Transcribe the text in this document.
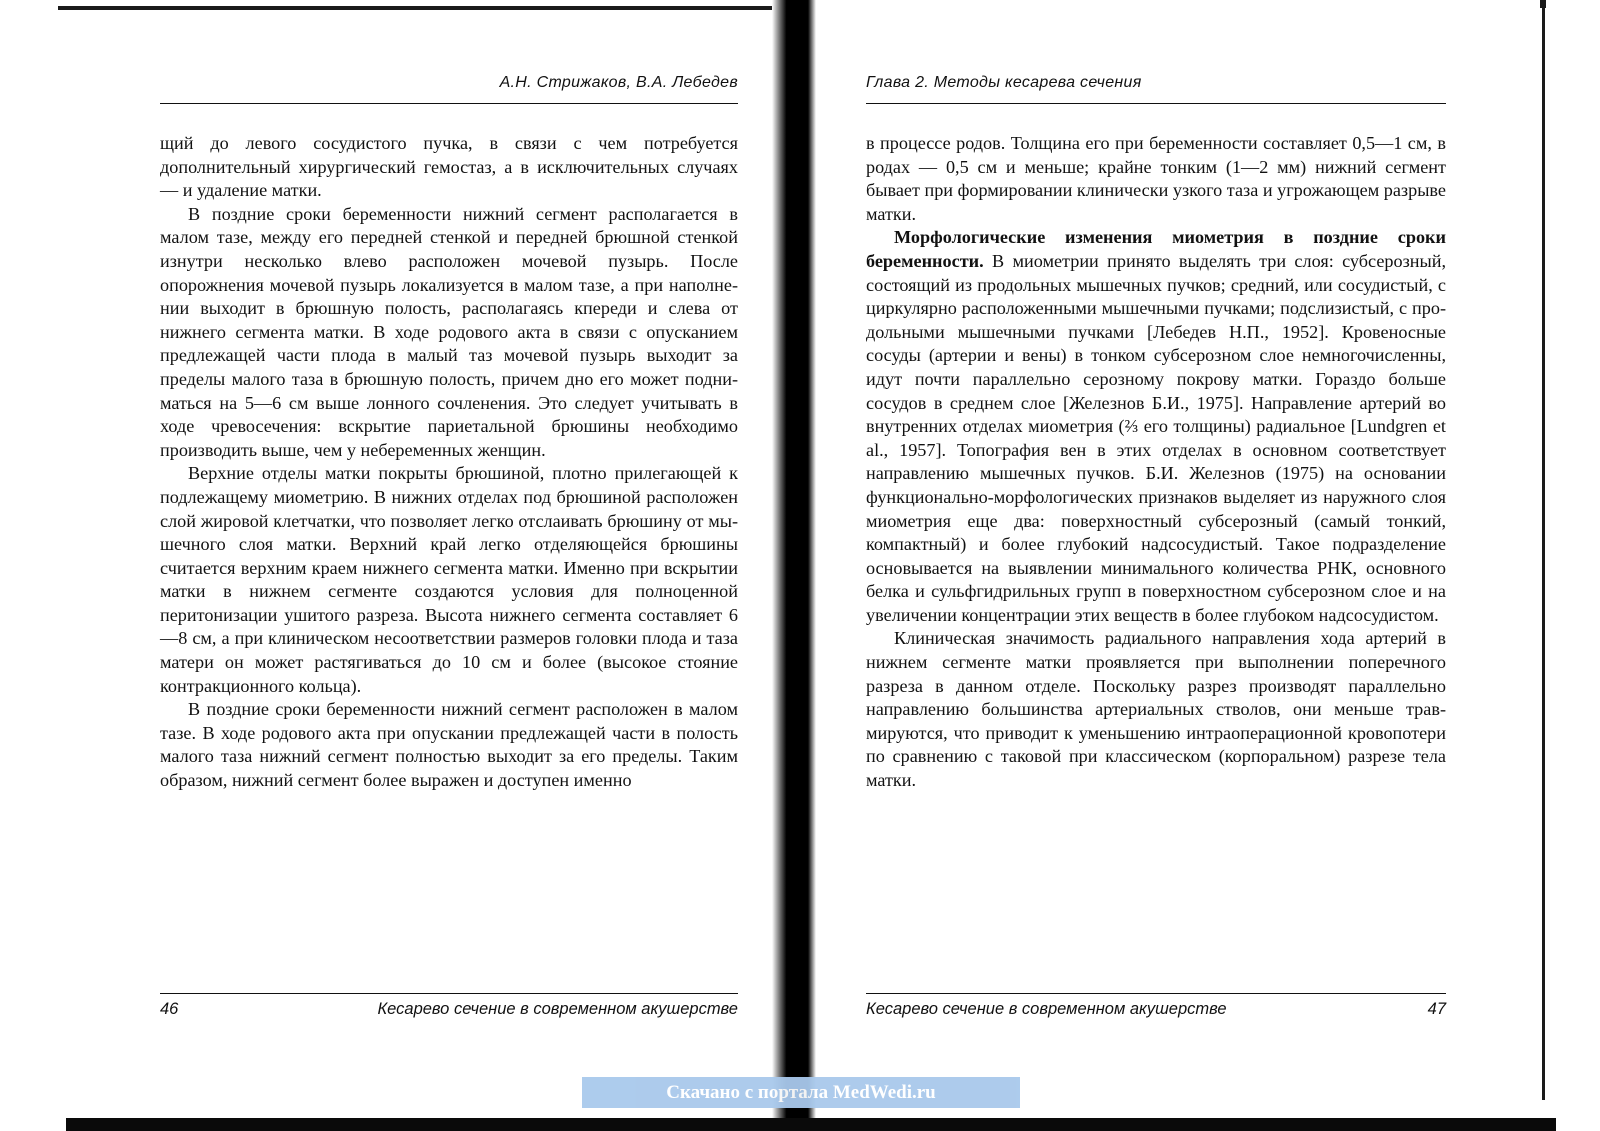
А.Н. Стрижаков, В.А. Лебедев

щий до левого сосудистого пучка, в связи с чем потребуется дополнительный хирургический гемостаз, а в исключительных случаях — и удаление матки.

В поздние сроки беременности нижний сегмент располагается в малом тазе, между его передней стенкой и передней брюшной стенкой изнутри несколько влево расположен мочевой пузырь. После опорожнения мочевой пузырь локализуется в малом тазе, а при наполнении выходит в брюшную полость, располагаясь кпереди и слева от нижнего сегмента матки. В ходе родового акта в связи с опусканием предлежащей части плода в малый таз мочевой пузырь выходит за пределы малого таза в брюшную полость, причем дно его может подниматься на 5—6 см выше лонного сочленения. Это следует учитывать в ходе чревосечения: вскрытие париетальной брюшины необходимо производить выше, чем у небеременных женщин.

Верхние отделы матки покрыты брюшиной, плотно прилегающей к подлежащему миометрию. В нижних отделах под брюшиной расположен слой жировой клетчатки, что позволяет легко отслаивать брюшину от мышечного слоя матки. Верхний край легко отделяющейся брюшины считается верхним краем нижнего сегмента матки. Именно при вскрытии матки в нижнем сегменте создаются условия для полноценной перитонизации ушитого разреза. Высота нижнего сегмента составляет 6—8 см, а при клиническом несоответствии размеров головки плода и таза матери он может растягиваться до 10 см и более (высокое стояние контракционного кольца).

В поздние сроки беременности нижний сегмент расположен в малом тазе. В ходе родового акта при опускании предлежащей части в полость малого таза нижний сегмент полностью выходит за его пределы. Таким образом, нижний сегмент более выражен и доступен именно

46	Кесарево сечение в современном акушерстве
Глава 2. Методы кесарева сечения

в процессе родов. Толщина его при беременности составляет 0,5—1 см, в родах — 0,5 см и меньше; крайне тонким (1—2 мм) нижний сегмент бывает при формировании клинически узкого таза и угрожающем разрыве матки.

Морфологические изменения миометрия в поздние сроки беременности. В миометрии принято выделять три слоя: субсерозный, состоящий из продольных мышечных пучков; средний, или сосудистый, с циркулярно расположенными мышечными пучками; подслизистый, с продольными мышечными пучками [Лебедев Н.П., 1952]. Кровеносные сосуды (артерии и вены) в тонком субсерозном слое немногочисленны, идут почти параллельно серозному покрову матки. Гораздо больше сосудов в среднем слое [Железнов Б.И., 1975]. Направление артерий во внутренних отделах миометрия (⅔ его толщины) радиальное [Lundgren et al., 1957]. Топография вен в этих отделах в основном соответствует направлению мышечных пучков. Б.И. Железнов (1975) на основании функционально-морфологических признаков выделяет из наружного слоя миометрия еще два: поверхностный субсерозный (самый тонкий, компактный) и более глубокий надсосудистый. Такое подразделение основывается на выявлении минимального количества РНК, основного белка и сульфгидрильных групп в поверхностном субсерозном слое и на увеличении концентрации этих веществ в более глубоком надсосудистом.

Клиническая значимость радиального направления хода артерий в нижнем сегменте матки проявляется при выполнении поперечного разреза в данном отделе. Поскольку разрез производят параллельно направлению большинства артериальных стволов, они меньше травмируются, что приводит к уменьшению интраоперационной кровопотери по сравнению с таковой при классическом (корпоральном) разрезе тела матки.

Кесарево сечение в современном акушерстве	47
Скачано с портала MedWedi.ru
